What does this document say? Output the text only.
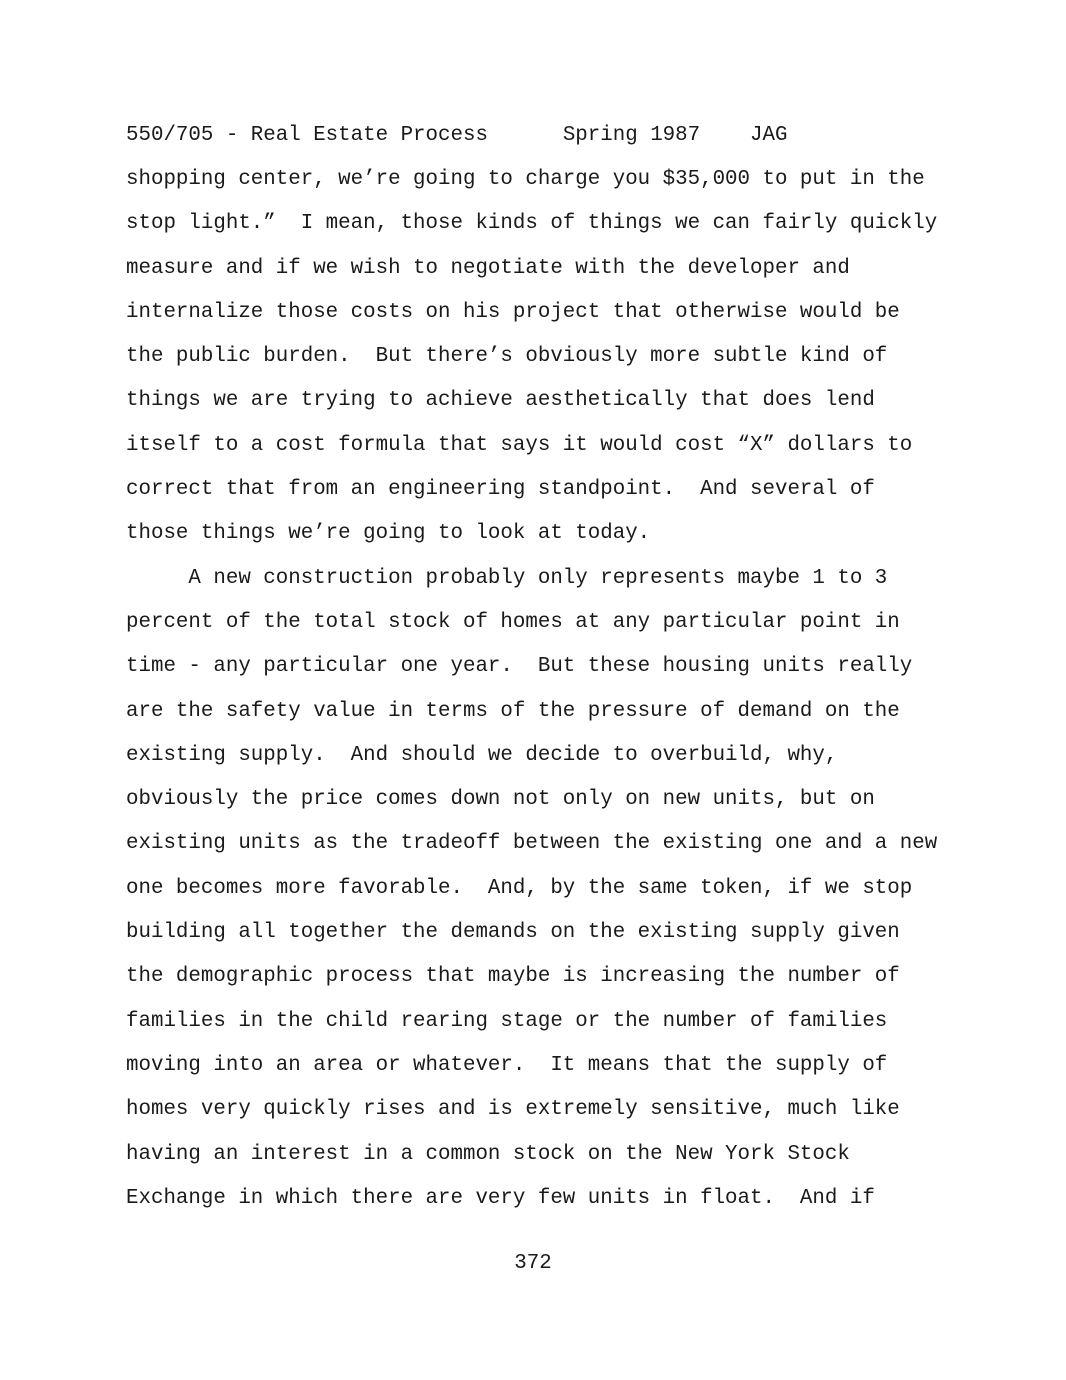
550/705 - Real Estate Process	Spring 1987 JAG
shopping center, we’re going to charge you $35,000 to put in the
stop light.”  I mean, those kinds of things we can fairly quickly
measure and if we wish to negotiate with the developer and
internalize those costs on his project that otherwise would be
the public burden.  But there’s obviously more subtle kind of
things we are trying to achieve aesthetically that does lend
itself to a cost formula that says it would cost “X” dollars to
correct that from an engineering standpoint.  And several of
those things we’re going to look at today.
A new construction probably only represents maybe 1 to 3
percent of the total stock of homes at any particular point in
time - any particular one year.  But these housing units really
are the safety value in terms of the pressure of demand on the
existing supply.  And should we decide to overbuild, why,
obviously the price comes down not only on new units, but on
existing units as the tradeoff between the existing one and a new
one becomes more favorable.  And, by the same token, if we stop
building all together the demands on the existing supply given
the demographic process that maybe is increasing the number of
families in the child rearing stage or the number of families
moving into an area or whatever.  It means that the supply of
homes very quickly rises and is extremely sensitive, much like
having an interest in a common stock on the New York Stock
Exchange in which there are very few units in float.  And if
372
